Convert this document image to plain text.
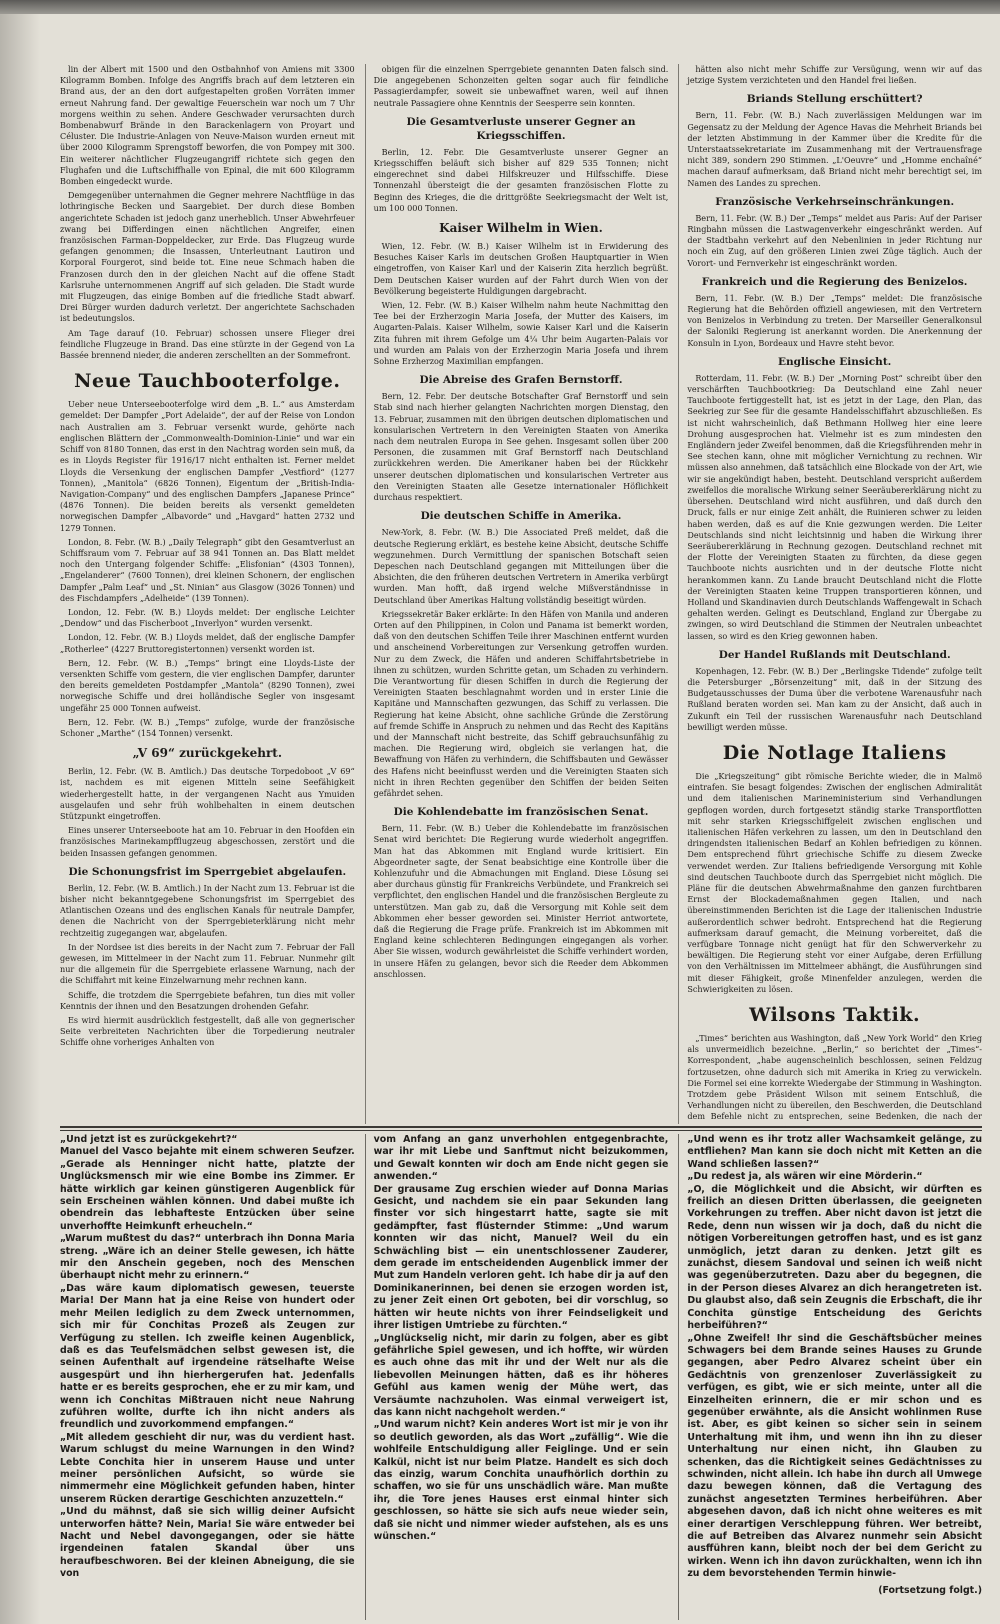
lin der Albert mit 1500 und den Ostbahnhof von Amiens mit 3300 Kilogramm Bomben. Infolge des Angriffs brach auf dem letzteren ein Brand aus, der an den dort aufgestapelten großen Vorräten immer erneut Nahrung fand. Der gewaltige Feuerschein war noch um 7 Uhr morgens weithin zu sehen. Andere Geschwader verursachten durch Bombenabwurf Brände in den Barackenlagern von Proyart und Céluster. Die Industrie-Anlagen von Neuve-Maison wurden erneut mit über 2000 Kilogramm Sprengstoff beworfen, die von Pompey mit 300. Ein weiterer nächtlicher Flugzeugangriff richtete sich gegen den Flughafen und die Luftschiffhalle von Epinal, die mit 600 Kilogramm Bomben eingedeckt wurde.

Demgegenüber unternahmen die Gegner mehrere Nachtflüge in das lothringische Becken und Saargebiet. Der durch diese Bomben angerichtete Schaden ist jedoch ganz unerheblich. Unser Abwehrfeuer zwang bei Differdingen einen nächtlichen Angreifer, einen französischen Farman-Doppeldecker, zur Erde. Das Flugzeug wurde gefangen genommen; die Insassen, Unterleutnant Lautiron und Korporal Fourgerot, sind beide tot. Eine neue Schmach haben die Franzosen durch den in der gleichen Nacht auf die offene Stadt Karlsruhe unternommenen Angriff auf sich geladen. Die Stadt wurde mit Flugzeugen, das einige Bomben auf die friedliche Stadt abwarf. Drei Bürger wurden dadurch verletzt. Der angerichtete Sachschaden ist bedeutungslos.

Am Tage darauf (10. Februar) schossen unsere Flieger drei feindliche Flugzeuge in Brand. Das eine stürzte in der Gegend von La Bassée brennend nieder, die anderen zerschellten an der Sommefront.

Neue Tauchbooterfolge.

Ueber neue Unterseebooterfolge wird dem „B. L.“ aus Amsterdam gemeldet: Der Dampfer „Port Adelaide“, der auf der Reise von London nach Australien am 3. Februar versenkt wurde, gehörte nach englischen Blättern der „Commonwealth-Dominion-Linie“ und war ein Schiff von 8180 Tonnen, das erst in den Nachtrag worden sein muß, da es in Lloyds Register für 1916/17 nicht enthalten ist. Ferner meldet Lloyds die Versenkung der englischen Dampfer „Vestfiord“ (1277 Tonnen), „Manitola“ (6826 Tonnen), Eigentum der „British-India-Navigation-Company“ und des englischen Dampfers „Japanese Prince“ (4876 Tonnen). Die beiden bereits als versenkt gemeldeten norwegischen Dampfer „Albavorde“ und „Havgard“ hatten 2732 und 1279 Tonnen.

London, 8. Febr. (W. B.) „Daily Telegraph“ gibt den Gesamtverlust an Schiffsraum vom 7. Februar auf 38 941 Tonnen an. Das Blatt meldet noch den Untergang folgender Schiffe: „Elisfonian“ (4303 Tonnen), „Engelanderer“ (7600 Tonnen), drei kleinen Schonern, der englischen Dampfer „Palm Leaf“ und „St. Ninian“ aus Glasgow (3026 Tonnen) und des Fischdampfers „Adelheide“ (139 Tonnen).

London, 12. Febr. (W. B.) Lloyds meldet: Der englische Leichter „Dendow“ und das Fischerboot „Inverlyon“ wurden versenkt.

London, 12. Febr. (W. B.) Lloyds meldet, daß der englische Dampfer „Rotherlee“ (4227 Bruttoregistertonnen) versenkt worden ist.

Bern, 12. Febr. (W. B.) „Temps“ bringt eine Lloyds-Liste der versenkten Schiffe vom gestern, die vier englischen Dampfer, darunter den bereits gemeldeten Postdampfer „Mantola“ (8290 Tonnen), zwei norwegische Schiffe und drei holländische Segler von insgesamt ungefähr 25 000 Tonnen aufweist.

Bern, 12. Febr. (W. B.) „Temps“ zufolge, wurde der französische Schoner „Marthe“ (154 Tonnen) versenkt.

„V 69“ zurückgekehrt.

Berlin, 12. Febr. (W. B. Amtlich.) Das deutsche Torpedoboot „V 69“ ist, nachdem es mit eigenen Mitteln seine Seefähigkeit wiederhergestellt hatte, in der vergangenen Nacht aus Ymuiden ausgelaufen und sehr früh wohlbehalten in einem deutschen Stützpunkt eingetroffen.

Eines unserer Unterseeboote hat am 10. Februar in den Hoofden ein französisches Marinekampfflugzeug abgeschossen, zerstört und die beiden Insassen gefangen genommen.

Die Schonungsfrist im Sperrgebiet abgelaufen.

Berlin, 12. Febr. (W. B. Amtlich.) In der Nacht zum 13. Februar ist die bisher nicht bekanntgegebene Schonungsfrist im Sperrgebiet des Atlantischen Ozeans und des englischen Kanals für neutrale Dampfer, denen die Nachricht von der Sperrgebieterklärung nicht mehr rechtzeitig zugegangen war, abgelaufen.

In der Nordsee ist dies bereits in der Nacht zum 7. Februar der Fall gewesen, im Mittelmeer in der Nacht zum 11. Februar. Nunmehr gilt nur die allgemein für die Sperrgebiete erlassene Warnung, nach der die Schiffahrt mit keine Einzelwarnung mehr rechnen kann.

Schiffe, die trotzdem die Sperrgebiete befahren, tun dies mit voller Kenntnis der ihnen und den Besatzungen drohenden Gefahr.

Es wird hiermit ausdrücklich festgestellt, daß alle von gegnerischer Seite verbreiteten Nachrichten über die Torpedierung neutraler Schiffe ohne vorheriges Anhalten von

obigen für die einzelnen Sperrgebiete genannten Daten falsch sind. Die angegebenen Schonzeiten gelten sogar auch für feindliche Passagierdampfer, soweit sie unbewaffnet waren, weil auf ihnen neutrale Passagiere ohne Kenntnis der Seesperre sein konnten.

Die Gesamtverluste unserer Gegner an Kriegsschiffen.

Berlin, 12. Febr. Die Gesamtverluste unserer Gegner an Kriegsschiffen beläuft sich bisher auf 829 535 Tonnen; nicht eingerechnet sind dabei Hilfskreuzer und Hilfsschiffe. Diese Tonnenzahl übersteigt die der gesamten französischen Flotte zu Beginn des Krieges, die die drittgrößte Seekriegsmacht der Welt ist, um 100 000 Tonnen.

Kaiser Wilhelm in Wien.

Wien, 12. Febr. (W. B.) Kaiser Wilhelm ist in Erwiderung des Besuches Kaiser Karls im deutschen Großen Hauptquartier in Wien eingetroffen, von Kaiser Karl und der Kaiserin Zita herzlich begrüßt. Dem Deutschen Kaiser wurden auf der Fahrt durch Wien von der Bevölkerung begeisterte Huldigungen dargebracht.

Wien, 12. Febr. (W. B.) Kaiser Wilhelm nahm heute Nachmittag den Tee bei der Erzherzogin Maria Josefa, der Mutter des Kaisers, im Augarten-Palais. Kaiser Wilhelm, sowie Kaiser Karl und die Kaiserin Zita fuhren mit ihrem Gefolge um 4¼ Uhr beim Augarten-Palais vor und wurden am Palais von der Erzherzogin Maria Josefa und ihrem Sohne Erzherzog Maximilian empfangen.

Die Abreise des Grafen Bernstorff.

Bern, 12. Febr. Der deutsche Botschafter Graf Bernstorff und sein Stab sind nach hierher gelangten Nachrichten morgen Dienstag, den 13. Februar, zusammen mit den übrigen deutschen diplomatischen und konsularischen Vertretern in den Vereinigten Staaten von Amerika nach dem neutralen Europa in See gehen. Insgesamt sollen über 200 Personen, die zusammen mit Graf Bernstorff nach Deutschland zurückkehren werden. Die Amerikaner haben bei der Rückkehr unserer deutschen diplomatischen und konsularischen Vertreter aus den Vereinigten Staaten alle Gesetze internationaler Höflichkeit durchaus respektiert.

Die deutschen Schiffe in Amerika.

New-York, 8. Febr. (W. B.) Die Associated Preß meldet, daß die deutsche Regierung erklärt, es bestehe keine Absicht, deutsche Schiffe wegzunehmen. Durch Vermittlung der spanischen Botschaft seien Depeschen nach Deutschland gegangen mit Mitteilungen über die Absichten, die den früheren deutschen Vertretern in Amerika verbürgt wurden. Man hofft, daß irgend welche Mißverständnisse in Deutschland über Amerikas Haltung vollständig beseitigt würden.

Kriegssekretär Baker erklärte: In den Häfen von Manila und anderen Orten auf den Philippinen, in Colon und Panama ist bemerkt worden, daß von den deutschen Schiffen Teile ihrer Maschinen entfernt wurden und anscheinend Vorbereitungen zur Versenkung getroffen wurden. Nur zu dem Zweck, die Häfen und anderen Schiffahrtsbetriebe in ihnen zu schützen, wurden Schritte getan, um Schaden zu verhindern. Die Verantwortung für diesen Schiffen in durch die Regierung der Vereinigten Staaten beschlagnahmt worden und in erster Linie die Kapitäne und Mannschaften gezwungen, das Schiff zu verlassen. Die Regierung hat keine Absicht, ohne sachliche Gründe die Zerstörung auf fremde Schiffe in Anspruch zu nehmen und das Recht des Kapitäns und der Mannschaft nicht bestreite, das Schiff gebrauchsunfähig zu machen. Die Regierung wird, obgleich sie verlangen hat, die Bewaffnung von Häfen zu verhindern, die Schiffsbauten und Gewässer des Hafens nicht beeinflusst werden und die Vereinigten Staaten sich nicht in ihren Rechten gegenüber den Schiffen der beiden Seiten gefährdet sehen.

Die Kohlendebatte im französischen Senat.

Bern, 11. Febr. (W. B.) Ueber die Kohlendebatte im französischen Senat wird berichtet: Die Regierung wurde wiederholt angegriffen. Man hat das Abkommen mit England wurde kritisiert. Ein Abgeordneter sagte, der Senat beabsichtige eine Kontrolle über die Kohlenzufuhr und die Abmachungen mit England. Diese Lösung sei aber durchaus günstig für Frankreichs Verbündete, und Frankreich sei verpflichtet, den englischen Handel und die französischen Bergleute zu unterstützen. Man gab zu, daß die Versorgung mit Kohle seit dem Abkommen eher besser geworden sei. Minister Herriot antwortete, daß die Regierung die Frage prüfe. Frankreich ist im Abkommen mit England keine schlechteren Bedingungen eingegangen als vorher. Aber Sie wissen, wodurch gewährleistet die Schiffe verhindert worden, in unsere Häfen zu gelangen, bevor sich die Reeder dem Abkommen anschlossen.

hätten also nicht mehr Schiffe zur Versügung, wenn wir auf das jetzige System verzichteten und den Handel frei ließen.

Briands Stellung erschüttert?

Bern, 11. Febr. (W. B.) Nach zuverlässigen Meldungen war im Gegensatz zu der Meldung der Agence Havas die Mehrheit Briands bei der letzten Abstimmung in der Kammer über die Kredite für die Unterstaatssekretariate im Zusammenhang mit der Vertrauensfrage nicht 389, sondern 290 Stimmen. „L'Oeuvre“ und „Homme enchaîné“ machen darauf aufmerksam, daß Briand nicht mehr berechtigt sei, im Namen des Landes zu sprechen.

Französische Verkehrseinschränkungen.

Bern, 11. Febr. (W. B.) Der „Temps“ meldet aus Paris: Auf der Pariser Ringbahn müssen die Lastwagenverkehr eingeschränkt werden. Auf der Stadtbahn verkehrt auf den Nebenlinien in jeder Richtung nur noch ein Zug, auf den größeren Linien zwei Züge täglich. Auch der Vorort- und Fernverkehr ist eingeschränkt worden.

Frankreich und die Regierung des Benizelos.

Bern, 11. Febr. (W. B.) Der „Temps“ meldet: Die französische Regierung hat die Behörden offiziell angewiesen, mit den Vertretern von Benizelos in Verbindung zu treten. Der Marseiller Generalkonsul der Saloniki Regierung ist anerkannt worden. Die Anerkennung der Konsuln in Lyon, Bordeaux und Havre steht bevor.

Englische Einsicht.

Rotterdam, 11. Febr. (W. B.) Der „Morning Post“ schreibt über den verschärften Tauchbootkrieg: Da Deutschland eine Zahl neuer Tauchboote fertiggestellt hat, ist es jetzt in der Lage, den Plan, das Seekrieg zur See für die gesamte Handelsschiffahrt abzuschließen. Es ist nicht wahrscheinlich, daß Bethmann Hollweg hier eine leere Drohung ausgesprochen hat. Vielmehr ist es zum mindesten den Engländern jeder Zweifel benommen, daß die Kriegsführenden mehr in See stechen kann, ohne mit möglicher Vernichtung zu rechnen. Wir müssen also annehmen, daß tatsächlich eine Blockade von der Art, wie wir sie angekündigt haben, besteht. Deutschland verspricht außerdem zweifellos die moralische Wirkung seiner Seeräubererklärung nicht zu übersehen. Deutschland wird nicht ausführen, und daß durch den Druck, falls er nur einige Zeit anhält, die Ruinieren schwer zu leiden haben werden, daß es auf die Knie gezwungen werden. Die Leiter Deutschlands sind nicht leichtsinnig und haben die Wirkung ihrer Seeräubererklärung in Rechnung gezogen. Deutschland rechnet mit der Flotte der Vereinigten Staaten zu fürchten, da diese gegen Tauchboote nichts ausrichten und in der deutsche Flotte nicht herankommen kann. Zu Lande braucht Deutschland nicht die Flotte der Vereinigten Staaten keine Truppen transportieren können, und Holland und Skandinavien durch Deutschlands Waffengewalt in Schach gehalten werden. Gelingt es Deutschland, England zur Übergabe zu zwingen, so wird Deutschland die Stimmen der Neutralen unbeachtet lassen, so wird es den Krieg gewonnen haben.

Der Handel Rußlands mit Deutschland.

Kopenhagen, 12. Febr. (W. B.) Der „Berlingske Tidende“ zufolge teilt die Petersburger „Börsenzeitung“ mit, daß in der Sitzung des Budgetausschusses der Duma über die verbotene Warenausfuhr nach Rußland beraten worden sei. Man kam zu der Ansicht, daß auch in Zukunft ein Teil der russischen Warenausfuhr nach Deutschland bewilligt werden müsse.

Die Notlage Italiens

Die „Kriegszeitung“ gibt römische Berichte wieder, die in Malmö eintrafen. Sie besagt folgendes: Zwischen der englischen Admiralität und dem italienischen Marineministerium sind Verhandlungen gepflogen worden, durch fortgesetzt ständig starke Transportflotten mit sehr starken Kriegsschiffgeleit zwischen englischen und italienischen Häfen verkehren zu lassen, um den in Deutschland den dringendsten italienischen Bedarf an Kohlen befriedigen zu können. Dem entsprechend führt griechische Schiffe zu diesem Zwecke verwendet werden. Zur Italiens befriedigende Versorgung mit Kohle sind deutschen Tauchboote durch das Sperrgebiet nicht möglich. Die Pläne für die deutschen Abwehrmaßnahme den ganzen furchtbaren Ernst der Blockademaßnahmen gegen Italien, und nach übereinstimmenden Berichten ist die Lage der italienischen Industrie außerordentlich schwer bedroht. Entsprechend hat die Regierung aufmerksam darauf gemacht, die Meinung vorbereitet, daß die verfügbare Tonnage nicht genügt hat für den Schwerverkehr zu bewältigen. Die Regierung steht vor einer Aufgabe, deren Erfüllung von den Verhältnissen im Mittelmeer abhängt, die Ausführungen sind mit dieser Fähigkeit, große Minenfelder anzulegen, werden die Schwierigkeiten zu lösen.

Wilsons Taktik.

„Times“ berichten aus Washington, daß „New York World“ den Krieg als unvermeidlich bezeichne. „Berlin,“ so berichtet der „Times“-Korrespondent, „habe augenscheinlich beschlossen, seinen Feldzug fortzusetzen, ohne dadurch sich mit Amerika in Krieg zu verwickeln. Die Formel sei eine korrekte Wiedergabe der Stimmung in Washington. Trotzdem gebe Präsident Wilson mit seinem Entschluß, die Verhandlungen nicht zu übereilen, den Beschwerden, die Deutschland dem Befehle nicht zu entsprechen, seine Bedenken, die nach der

„Und jetzt ist es zurückgekehrt?“
Manuel del Vasco bejahte mit einem schweren Seufzer. „Gerade als Henninger nicht hatte, platzte der Unglücksmensch mir wie eine Bombe ins Zimmer. Er hätte wirklich gar keinen günstigeren Augenblick für sein Erscheinen wählen können. Und dabei mußte ich obendrein das lebhafteste Entzücken über seine unverhoffte Heimkunft erheucheln.“
„Warum mußtest du das?“ unterbrach ihn Donna Maria streng. „Wäre ich an deiner Stelle gewesen, ich hätte mir den Anschein gegeben, noch des Menschen überhaupt nicht mehr zu erinnern.“
„Das wäre kaum diplomatisch gewesen, teuerste Maria! Der Mann hat ja eine Reise von hundert oder mehr Meilen lediglich zu dem Zweck unternommen, sich mir für Conchitas Prozeß als Zeugen zur Verfügung zu stellen. Ich zweifle keinen Augenblick, daß es das Teufelsmädchen selbst gewesen ist, die seinen Aufenthalt auf irgendeine rätselhafte Weise ausgespürt und ihn hierhergerufen hat. Jedenfalls hatte er es bereits gesprochen, ehe er zu mir kam, und wenn ich Conchitas Mißtrauen nicht neue Nahrung zuführen wollte, durfte ich ihn nicht anders als freundlich und zuvorkommend empfangen.“
„Mit alledem geschieht dir nur, was du verdient hast. Warum schlugst du meine Warnungen in den Wind? Lebte Conchita hier in unserem Hause und unter meiner persönlichen Aufsicht, so würde sie nimmermehr eine Möglichkeit gefunden haben, hinter unserem Rücken derartige Geschichten anzuzetteln.“
„Und du mähnst, daß sie sich willig deiner Aufsicht unterworfen hätte? Nein, Maria! Sie wäre entweder bei Nacht und Nebel davongegangen, oder sie hätte irgendeinen fatalen Skandal über uns heraufbeschworen. Bei der kleinen Abneigung, die sie von
vom Anfang an ganz unverhohlen entgegenbrachte, war ihr mit Liebe und Sanftmut nicht beizukommen, und Gewalt konnten wir doch am Ende nicht gegen sie anwenden.“
Der grausame Zug erschien wieder auf Donna Marias Gesicht, und nachdem sie ein paar Sekunden lang finster vor sich hingestarrt hatte, sagte sie mit gedämpfter, fast flüsternder Stimme: „Und warum konnten wir das nicht, Manuel? Weil du ein Schwächling bist — ein unentschlossener Zauderer, dem gerade im entscheidenden Augenblick immer der Mut zum Handeln verloren geht. Ich habe dir ja auf den Dominikanerinnen, bei denen sie erzogen worden ist, zu jener Zeit einen Ort geboten, bei dir vorschlug, so hätten wir heute nichts von ihrer Feindseligkeit und ihrer listigen Umtriebe zu fürchten.“
„Unglückselig nicht, mir darin zu folgen, aber es gibt gefährliche Spiel gewesen, und ich hoffte, wir würden es auch ohne das mit ihr und der Welt nur als die liebevollen Meinungen hätten, daß es ihr höheres Gefühl aus kamen wenig der Mühe wert, das Versäumte nachzuholen. Was einmal verweigert ist, das kann nicht nachgeholt werden.“
„Und warum nicht? Kein anderes Wort ist mir je von ihr so deutlich geworden, als das Wort „zufällig“. Wie die wohlfeile Entschuldigung aller Feiglinge. Und er sein Kalkül, nicht ist nur beim Platze. Handelt es sich doch das einzig, warum Conchita unaufhörlich dorthin zu schaffen, wo sie für uns unschädlich wäre. Man mußte ihr, die Tore jenes Hauses erst einmal hinter sich geschlossen, so hätte sie sich aufs neue wieder sein, daß sie nicht und nimmer wieder aufstehen, als es uns wünschen.“
„Und wenn es ihr trotz aller Wachsamkeit gelänge, zu entfliehen? Man kann sie doch nicht mit Ketten an die Wand schließen lassen?“
„Du redest ja, als wären wir eine Mörderin.“
„O, die Möglichkeit und die Absicht, wir dürften es freilich an diesen Dritten überlassen, die geeigneten Vorkehrungen zu treffen. Aber nicht davon ist jetzt die Rede, denn nun wissen wir ja doch, daß du nicht die nötigen Vorbereitungen getroffen hast, und es ist ganz unmöglich, jetzt daran zu denken. Jetzt gilt es zunächst, diesem Sandoval und seinen ich weiß nicht was gegenüberzutreten. Dazu aber du begegnen, die in der Person dieses Alvarez an dich herangetreten ist. Du glaubst also, daß sein Zeugnis die Erbschaft, die ihr Conchita günstige Entscheidung des Gerichts herbeiführen?“
„Ohne Zweifel! Ihr sind die Geschäftsbücher meines Schwagers bei dem Brande seines Hauses zu Grunde gegangen, aber Pedro Alvarez scheint über ein Gedächtnis von grenzenloser Zuverlässigkeit zu verfügen, es gibt, wie er sich meinte, unter all die Einzelheiten erinnern, die er mir schon und es gegenüber erwähnte, als die Ansicht wohlinmen Ruse ist. Aber, es gibt keinen so sicher sein in seinem Unterhaltung mit ihm, und wenn ihn ihn zu dieser Unterhaltung nur einen nicht, ihn Glauben zu schenken, das die Richtigkeit seines Gedächtnisses zu schwinden, nicht allein. Ich habe ihn durch all Umwege dazu bewegen können, daß die Vertagung des zunächst angesetzten Termines herbeiführen. Aber abgesehen davon, daß ich nicht ohne weiteres es mit einer derartigen Verschleppung führen. Wer betreibt, die auf Betreiben das Alvarez nunmehr sein Absicht ausfführen kann, bleibt noch der bei dem Gericht zu wirken. Wenn ich ihn davon zurückhalten, wenn ich ihn zu dem bevorstehenden Termin hinwie-
(Fortsetzung folgt.)
